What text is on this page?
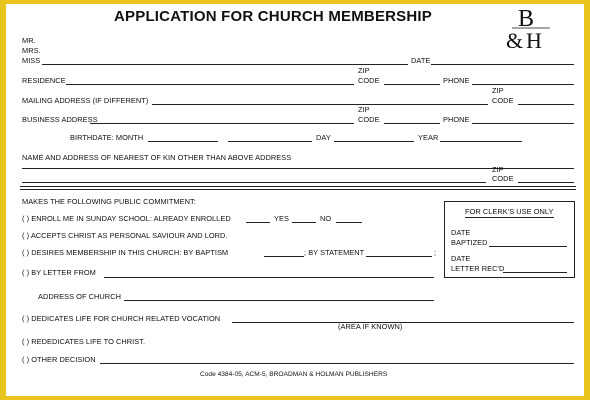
APPLICATION FOR CHURCH MEMBERSHIP	B
& H
MR.
MRS.
MISS	DATE
ZIP
RESIDENCE	CODE	PHONE
ZIP
MAILING ADDRESS (IF DIFFERENT)	CODE
ZIP
BUSINESS ADDRESS	CODE	PHONE
BIRTHDATE: MONTH	DAY	YEAR
NAME AND ADDRESS OF NEAREST OF KIN OTHER THAN ABOVE ADDRESS
ZIP
CODE
MAKES THE FOLLOWING PUBLIC COMMITMENT:
( ) ENROLL ME IN SUNDAY SCHOOL: ALREADY ENROLLED	YES	NO
( ) ACCEPTS CHRIST AS PERSONAL SAVIOUR AND LORD.
( ) DESIRES MEMBERSHIP IN THIS CHURCH: BY BAPTISM	; BY STATEMENT	;
( ) BY LETTER FROM
ADDRESS OF CHURCH
( ) DEDICATES LIFE FOR CHURCH RELATED VOCATION
(AREA IF KNOWN)
( ) REDEDICATES LIFE TO CHRIST.
( ) OTHER DECISION
FOR CLERK'S USE ONLY
DATE
BAPTIZED
DATE
LETTER REC'D
Code 4384-05, ACM-5, BROADMAN & HOLMAN PUBLISHERS
